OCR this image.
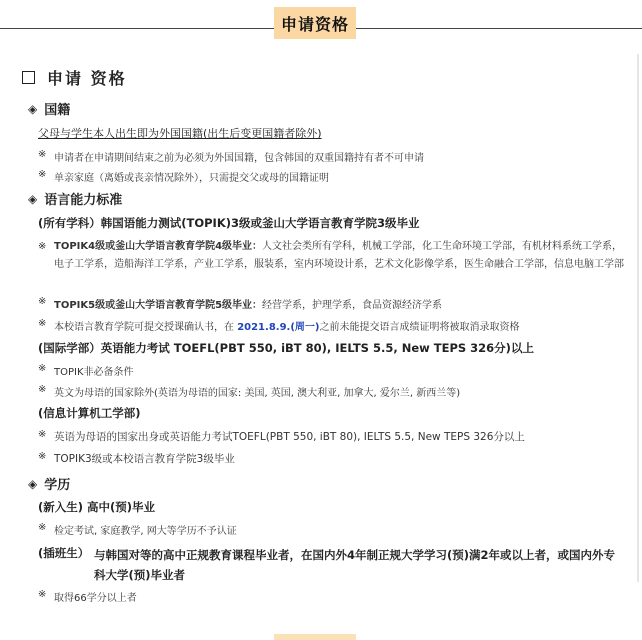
申请资格
申请 资格
◈ 国籍
父母与学生本人出生即为外国国籍(出生后变更国籍者除外)
※ 申请者在申请期间结束之前为必须为外国国籍，包含韩国的双重国籍持有者不可申请
※ 单亲家庭（离婚或丧亲情况除外），只需提交父或母的国籍证明
◈ 语言能力标准
(所有学科）韩国语能力测试(TOPIK)3级或釜山大学语言教育学院3级毕业
※ TOPIK4级或釜山大学语言教育学院4级毕业：人文社会类所有学科，机械工学部，化工生命环境工学部，有机材料系统工学系，电子工学系，造船海洋工学系，产业工学系，服装系，室内环境设计系，艺术文化影像学系，医生命融合工学部，信息电脑工学部
※ TOPIK5级或釜山大学语言教育学院5级毕业：经营学系，护理学系，食品资源经济学系
※ 本校语言教育学院可提交授课确认书，在 2021.8.9.(周一)之前未能提交语言成绩证明将被取消录取资格
(国际学部）英语能力考试 TOEFL(PBT 550, iBT 80), IELTS 5.5, New TEPS 326分)以上
※ TOPIK非必备条件
※ 英文为母语的国家除外(英语为母语的国家: 美国, 英国, 澳大利亚, 加拿大, 爱尔兰, 新西兰等)
(信息计算机工学部)
※ 英语为母语的国家出身或英语能力考试TOEFL(PBT 550, iBT 80), IELTS 5.5, New TEPS 326分以上
※ TOPIK3级或本校语言教育学院3级毕业
◈ 学历
(新入生) 高中(预)毕业
※ 检定考试, 家庭教学, 网大等学历不予认证
(插班生） 与韩国对等的高中正规教育课程毕业者，在国内外4年制正规大学学习(预)满2年或以上者，或国内外专科大学(预)毕业者
※ 取得66学分以上者
